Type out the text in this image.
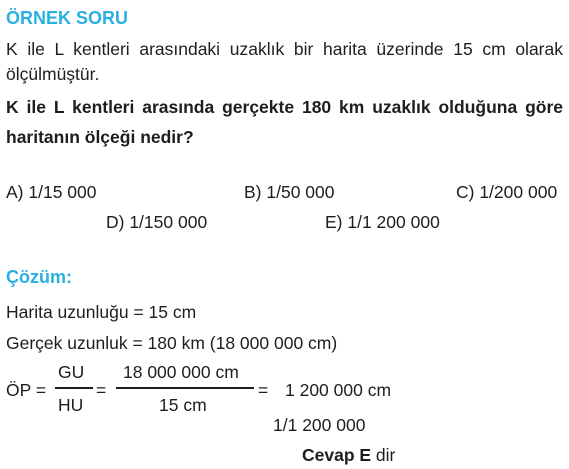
ÖRNEK SORU
K ile L kentleri arasındaki uzaklık bir harita üzerinde 15 cm olarak
ölçülmüştür.
K ile L kentleri arasında gerçekte 180 km uzaklık olduğuna göre
haritanın ölçeği nedir?
A) 1/15 000	B) 1/50 000	C) 1/200 000
D) 1/150 000	E) 1/1 200 000
Çözüm:
Harita uzunluğu = 15 cm
Gerçek uzunluk = 180 km (18 000 000 cm)
ÖP =
GU
HU
=
18 000 000 cm
15 cm
= 1 200 000 cm
1/1 200 000
Cevap E dir
